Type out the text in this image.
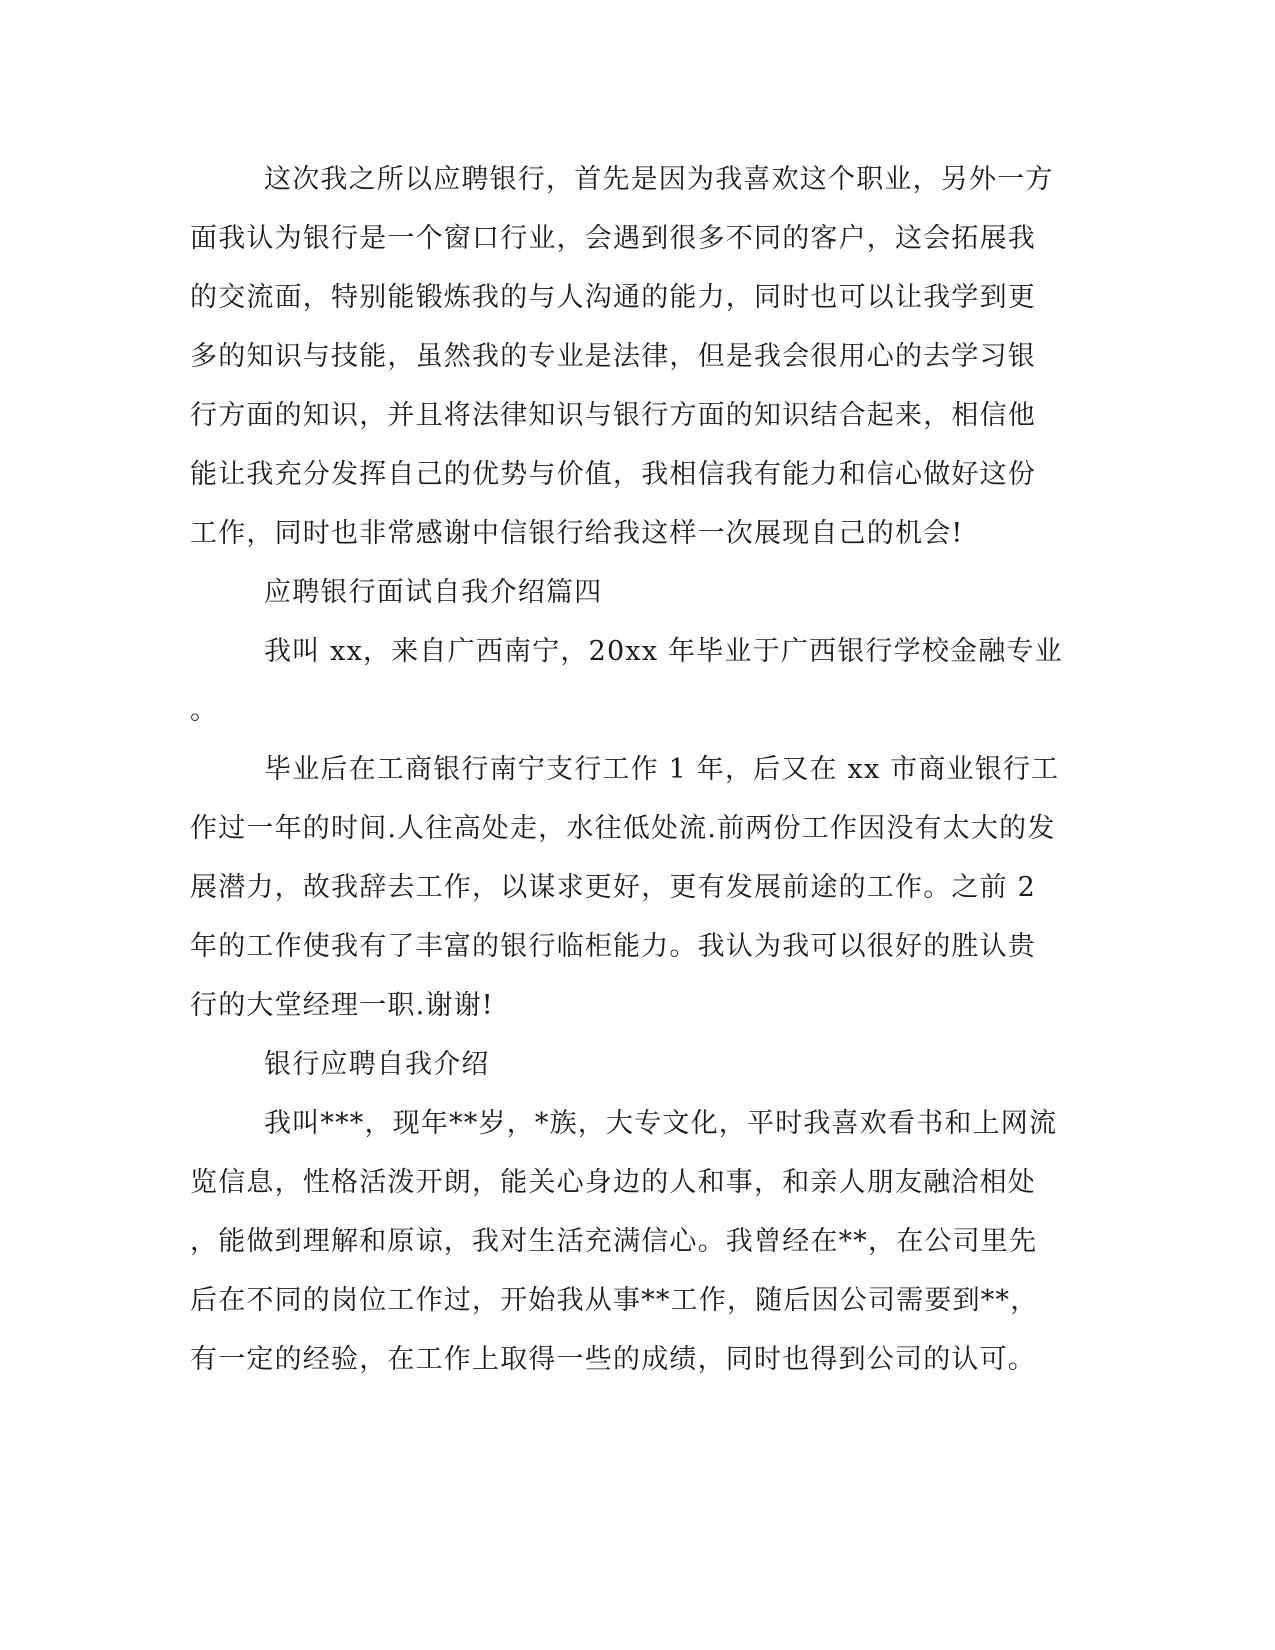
这次我之所以应聘银行，首先是因为我喜欢这个职业，另外一方
面我认为银行是一个窗口行业，会遇到很多不同的客户，这会拓展我
的交流面，特别能锻炼我的与人沟通的能力，同时也可以让我学到更
多的知识与技能，虽然我的专业是法律，但是我会很用心的去学习银
行方面的知识，并且将法律知识与银行方面的知识结合起来，相信他
能让我充分发挥自己的优势与价值，我相信我有能力和信心做好这份
工作，同时也非常感谢中信银行给我这样一次展现自己的机会!
应聘银行面试自我介绍篇四
我叫 xx，来自广西南宁，20xx 年毕业于广西银行学校金融专业
。
毕业后在工商银行南宁支行工作 1 年，后又在 xx 市商业银行工
作过一年的时间.人往高处走，水往低处流.前两份工作因没有太大的发
展潜力，故我辞去工作，以谋求更好，更有发展前途的工作。之前 2
年的工作使我有了丰富的银行临柜能力。我认为我可以很好的胜认贵
行的大堂经理一职.谢谢!
银行应聘自我介绍
我叫***，现年**岁，*族，大专文化，平时我喜欢看书和上网流
览信息，性格活泼开朗，能关心身边的人和事，和亲人朋友融洽相处
，能做到理解和原谅，我对生活充满信心。我曾经在**，在公司里先
后在不同的岗位工作过，开始我从事**工作，随后因公司需要到**，
有一定的经验，在工作上取得一些的成绩，同时也得到公司的认可。
